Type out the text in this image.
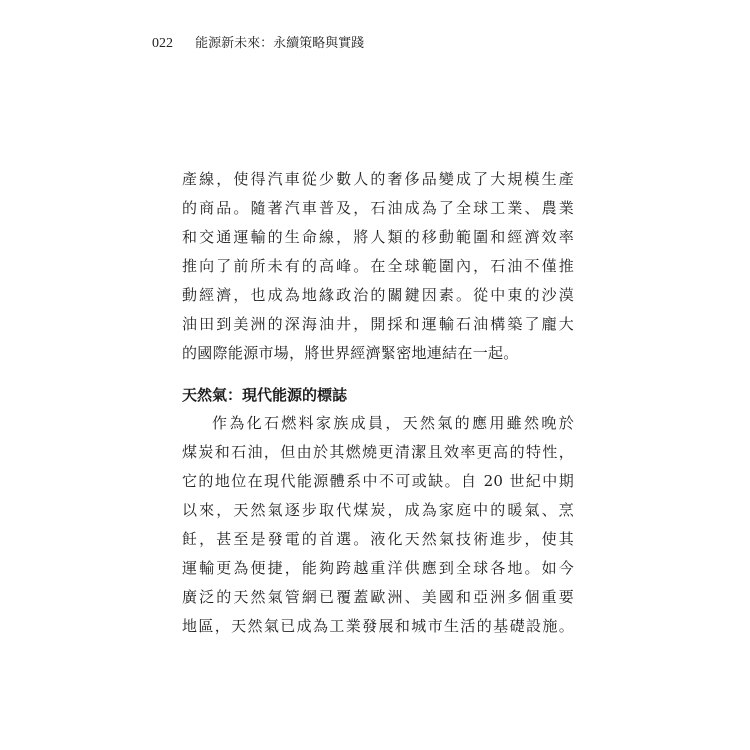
022 能源新未來：永續策略與實踐
產線，使得汽車從少數人的奢侈品變成了大規模生產
的商品。隨著汽車普及，石油成為了全球工業、農業
和交通運輸的生命線，將人類的移動範圍和經濟效率
推向了前所未有的高峰。在全球範圍內，石油不僅推
動經濟，也成為地緣政治的關鍵因素。從中東的沙漠
油田到美洲的深海油井，開採和運輸石油構築了龐大
的國際能源市場，將世界經濟緊密地連結在一起。
天然氣：現代能源的標誌
作為化石燃料家族成員，天然氣的應用雖然晚於
煤炭和石油，但由於其燃燒更清潔且效率更高的特性，
它的地位在現代能源體系中不可或缺。自 20 世紀中期
以來，天然氣逐步取代煤炭，成為家庭中的暖氣、烹
飪，甚至是發電的首選。液化天然氣技術進步，使其
運輸更為便捷，能夠跨越重洋供應到全球各地。如今
廣泛的天然氣管網已覆蓋歐洲、美國和亞洲多個重要
地區，天然氣已成為工業發展和城市生活的基礎設施。
